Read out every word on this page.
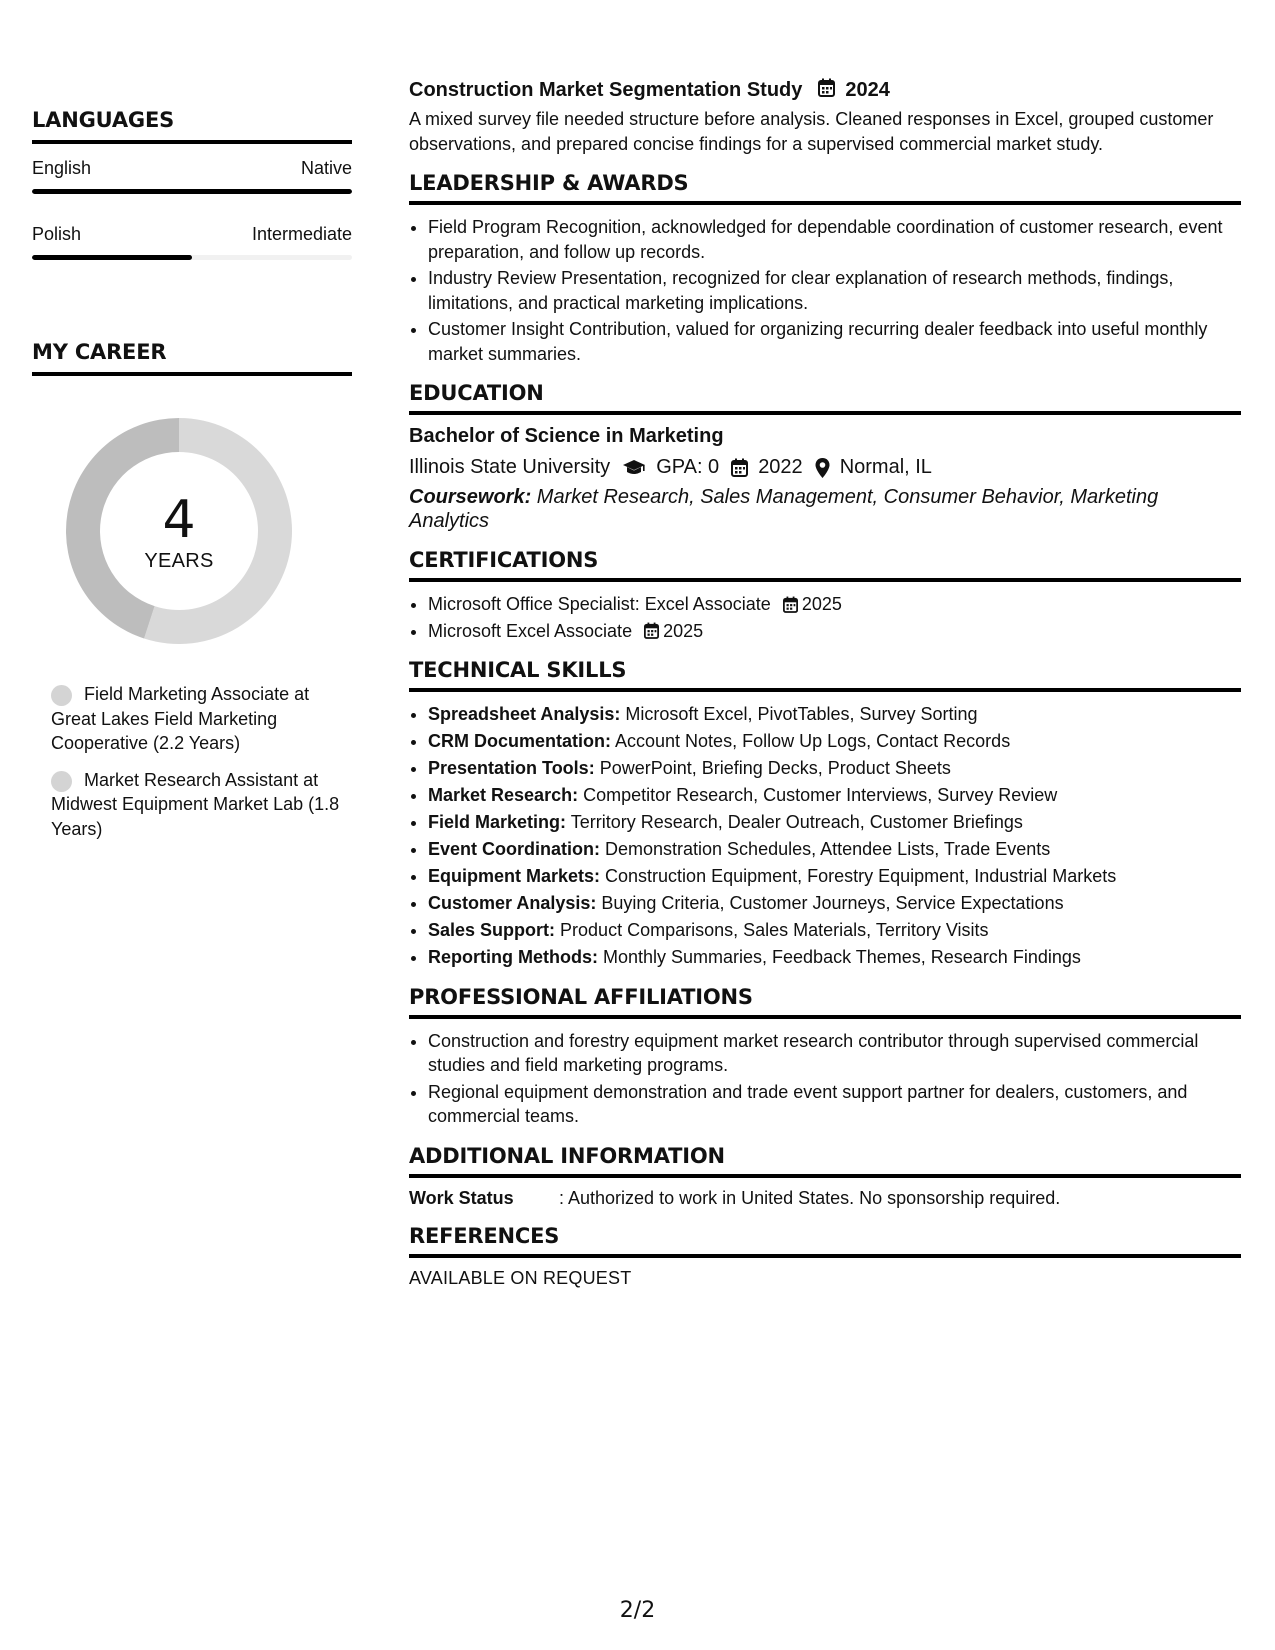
LANGUAGES
English	Native
Polish	Intermediate
MY CAREER
4
YEARS
Field Marketing Associate at Great Lakes Field Marketing Cooperative (2.2 Years)
Market Research Assistant at Midwest Equipment Market Lab (1.8 Years)
Construction Market Segmentation Study 2024
A mixed survey file needed structure before analysis. Cleaned responses in Excel, grouped customer observations, and prepared concise findings for a supervised commercial market study.
LEADERSHIP & AWARDS
• Field Program Recognition, acknowledged for dependable coordination of customer research, event preparation, and follow up records.
• Industry Review Presentation, recognized for clear explanation of research methods, findings, limitations, and practical marketing implications.
• Customer Insight Contribution, valued for organizing recurring dealer feedback into useful monthly market summaries.
EDUCATION
Bachelor of Science in Marketing
Illinois State University GPA: 0 2022 Normal, IL
Coursework: Market Research, Sales Management, Consumer Behavior, Marketing Analytics
CERTIFICATIONS
• Microsoft Office Specialist: Excel Associate 2025
• Microsoft Excel Associate 2025
TECHNICAL SKILLS
• Spreadsheet Analysis: Microsoft Excel, PivotTables, Survey Sorting
• CRM Documentation: Account Notes, Follow Up Logs, Contact Records
• Presentation Tools: PowerPoint, Briefing Decks, Product Sheets
• Market Research: Competitor Research, Customer Interviews, Survey Review
• Field Marketing: Territory Research, Dealer Outreach, Customer Briefings
• Event Coordination: Demonstration Schedules, Attendee Lists, Trade Events
• Equipment Markets: Construction Equipment, Forestry Equipment, Industrial Markets
• Customer Analysis: Buying Criteria, Customer Journeys, Service Expectations
• Sales Support: Product Comparisons, Sales Materials, Territory Visits
• Reporting Methods: Monthly Summaries, Feedback Themes, Research Findings
PROFESSIONAL AFFILIATIONS
• Construction and forestry equipment market research contributor through supervised commercial studies and field marketing programs.
• Regional equipment demonstration and trade event support partner for dealers, customers, and commercial teams.
ADDITIONAL INFORMATION
Work Status	: Authorized to work in United States. No sponsorship required.
REFERENCES
AVAILABLE ON REQUEST
2/2
